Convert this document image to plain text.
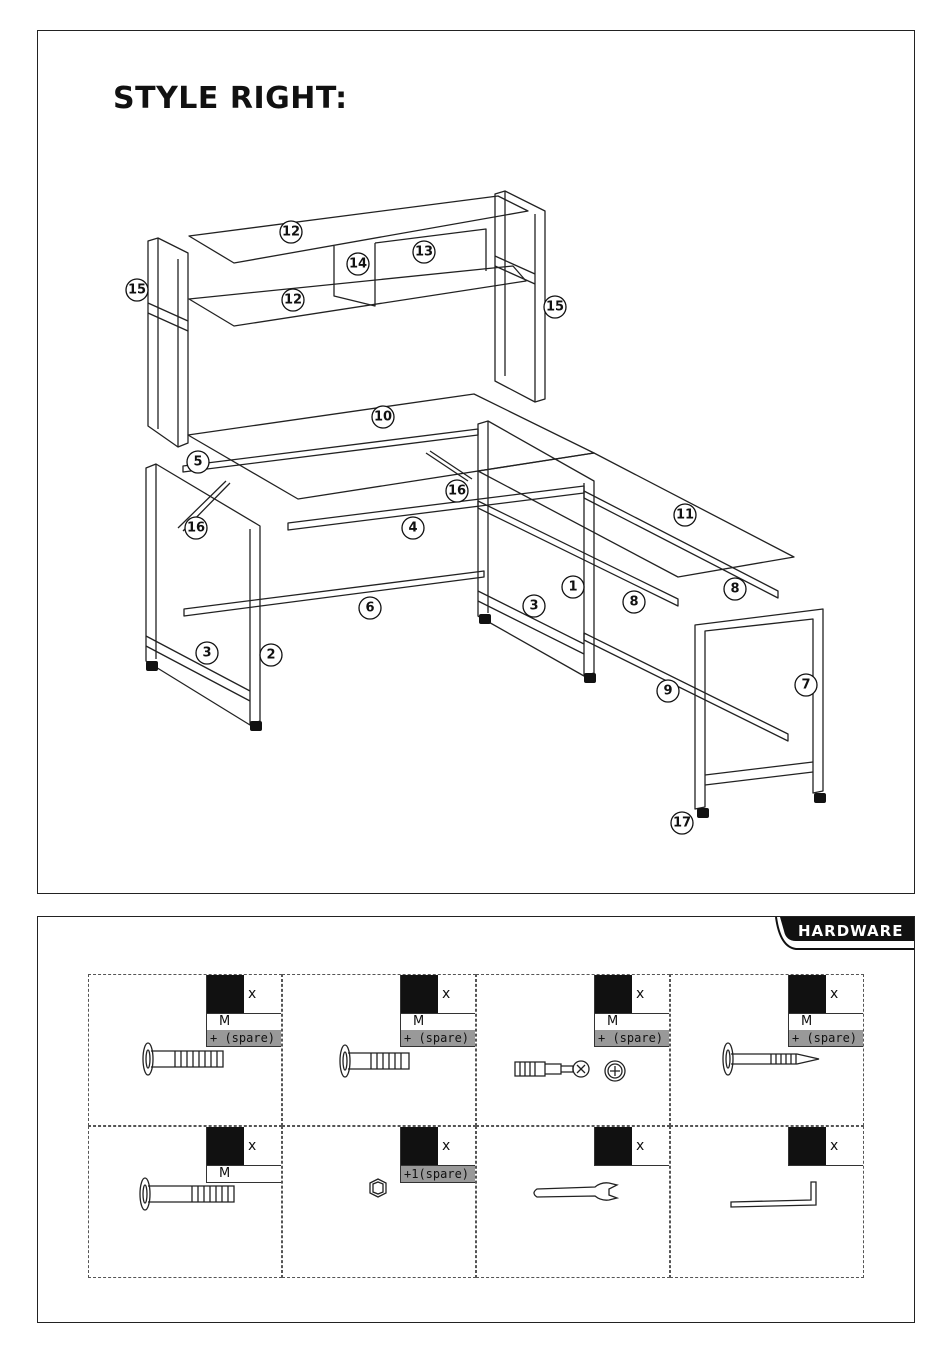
STYLE RIGHT:
1
2
3
3
4
5
6
7
8
8
9
10
11
12
12
13
14
15
15
16
16
17
HARDWARE
x
M
+ (spare)
x
M
+ (spare)
x
M
+ (spare)
x
M
+ (spare)
x
M
x
+1(spare)
x	x
